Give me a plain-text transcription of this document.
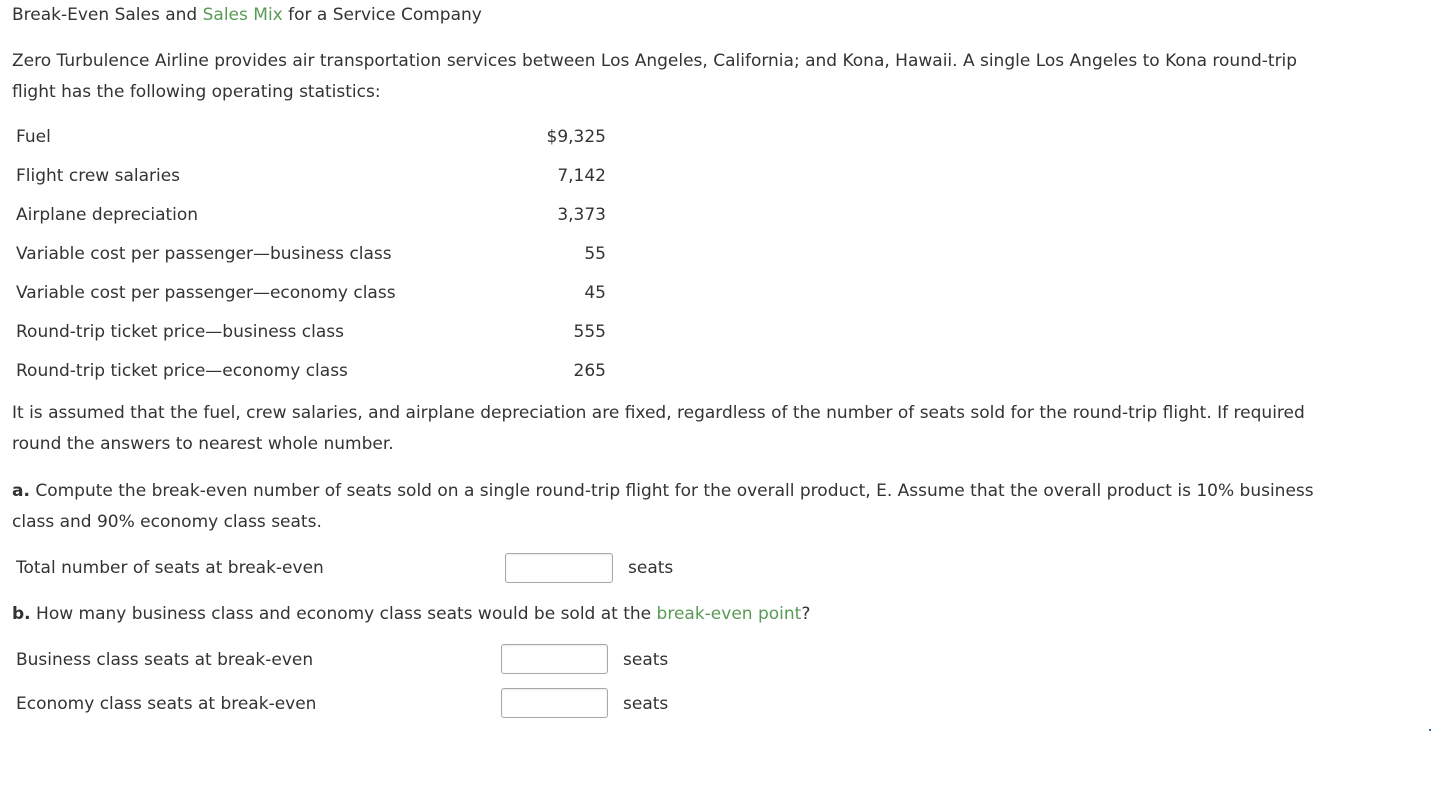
Break-Even Sales and Sales Mix for a Service Company
Zero Turbulence Airline provides air transportation services between Los Angeles, California; and Kona, Hawaii. A single Los Angeles to Kona round-trip flight has the following operating statistics:
Fuel	$9,325
Flight crew salaries	7,142
Airplane depreciation	3,373
Variable cost per passenger—business class	55
Variable cost per passenger—economy class	45
Round-trip ticket price—business class	555
Round-trip ticket price—economy class	265
It is assumed that the fuel, crew salaries, and airplane depreciation are fixed, regardless of the number of seats sold for the round-trip flight. If required round the answers to nearest whole number.
a. Compute the break-even number of seats sold on a single round-trip flight for the overall product, E. Assume that the overall product is 10% business class and 90% economy class seats.
Total number of seats at break-even	seats
b. How many business class and economy class seats would be sold at the break-even point?
Business class seats at break-even	seats
Economy class seats at break-even	seats
